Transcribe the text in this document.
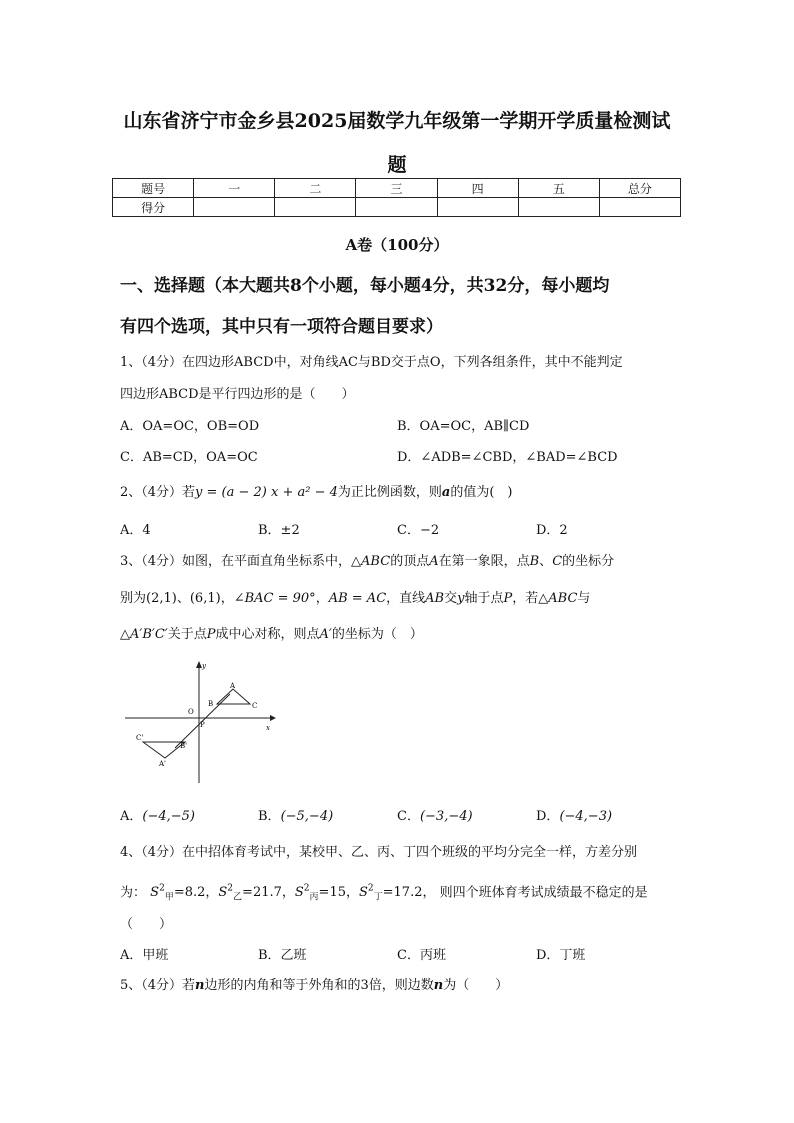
山东省济宁市金乡县2025届数学九年级第一学期开学质量检测试
题
题号	一	二	三	四	五	总分
得分						
A卷（100分）
一、选择题（本大题共8个小题，每小题4分，共32分，每小题均
有四个选项，其中只有一项符合题目要求）
1、（4分）在四边形ABCD中，对角线AC与BD交于点O，下列各组条件，其中不能判定
四边形ABCD是平行四边形的是（　　）
A．OA=OC，OB=OD	B．OA=OC，AB∥CD
C．AB=CD，OA=OC	D．∠ADB=∠CBD，∠BAD=∠BCD
2、（4分）若y = (a − 2) x + a² − 4为正比例函数，则a的值为(　)
A．4	B．±2	C．−2	D．2
3、（4分）如图，在平面直角坐标系中，△ABC的顶点A在第一象限，点B、C的坐标分
别为(2,1)、(6,1)，∠BAC = 90°，AB = AC，直线AB交y轴于点P，若△ABC与
△A′B′C′关于点P成中心对称，则点A′的坐标为（　）
y
x
O
P
A
B	C
A'
B'
C'
A．(−4,−5)	B．(−5,−4)	C．(−3,−4)	D．(−4,−3)
4、（4分）在中招体育考试中，某校甲、乙、丙、丁四个班级的平均分完全一样，方差分别
为： $S^2_甲=8.2$，$S^2_乙=21.7$，$S^2_丙=15$，$S^2_丁=17.2$， 则四个班体育考试成绩最不稳定的是
（　　）
A．甲班	B．乙班	C．丙班	D．丁班
5、（4分）若n边形的内角和等于外角和的3倍，则边数n为（　　）
